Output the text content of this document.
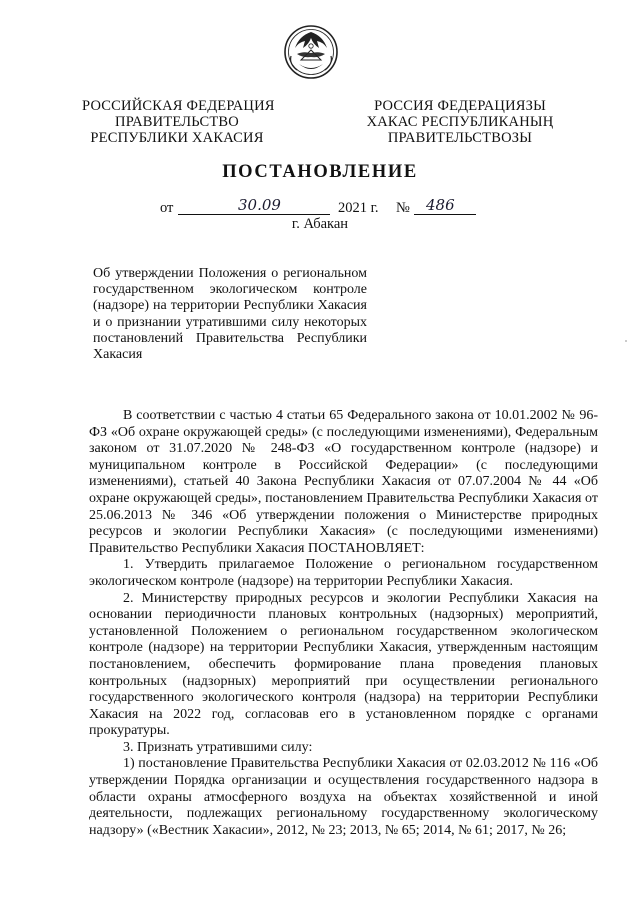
РОССИЙСКАЯ ФЕДЕРАЦИЯ
ПРАВИТЕЛЬСТВО
РЕСПУБЛИКИ ХАКАСИЯ
РОССИЯ ФЕДЕРАЦИЯЗЫ
ХАКАС РЕСПУБЛИКАНЫҢ
ПРАВИТЕЛЬСТВОЗЫ
ПОСТАНОВЛЕНИЕ
от	30.09	2021 г. № 486
г. Абакан

Об утверждении Положения о региональном

государственном экологическом контроле

(надзоре) на территории Республики Хакасия

и о признании утратившими силу некоторых

постановлений Правительства Республики

Хакасия

В соответствии с частью 4 статьи 65 Федерального закона от 10.01.2002 № 96-ФЗ «Об охране окружающей среды» (с последующими изменениями), Федеральным законом от 31.07.2020 № 248-ФЗ «О государственном контроле (надзоре) и муниципальном контроле в Российской Федерации» (с последующими изменениями), статьей 40 Закона Республики Хакасия от 07.07.2004 № 44 «Об охране окружающей среды», постановлением Правительства Республики Хакасия от 25.06.2013 № 346 «Об утверждении положения о Министерстве природных ресурсов и экологии Республики Хакасия» (с последующими изменениями) Правительство Республики Хакасия ПОСТАНОВЛЯЕТ:

1. Утвердить прилагаемое Положение о региональном государственном экологическом контроле (надзоре) на территории Республики Хакасия.

2. Министерству природных ресурсов и экологии Республики Хакасия на основании периодичности плановых контрольных (надзорных) мероприятий, установленной Положением о региональном государственном экологическом контроле (надзоре) на территории Республики Хакасия, утвержденным настоящим постановлением, обеспечить формирование плана проведения плановых контрольных (надзорных) мероприятий при осуществлении регионального государственного экологического контроля (надзора) на территории Республики Хакасия на 2022 год, согласовав его в установленном порядке с органами прокуратуры.

3. Признать утратившими силу:

1) постановление Правительства Республики Хакасия от 02.03.2012 № 116 «Об утверждении Порядка организации и осуществления государственного надзора в области охраны атмосферного воздуха на объектах хозяйственной и иной деятельности, подлежащих региональному государственному экологическому надзору» («Вестник Хакасии», 2012, № 23; 2013, № 65; 2014, № 61; 2017, № 26;
